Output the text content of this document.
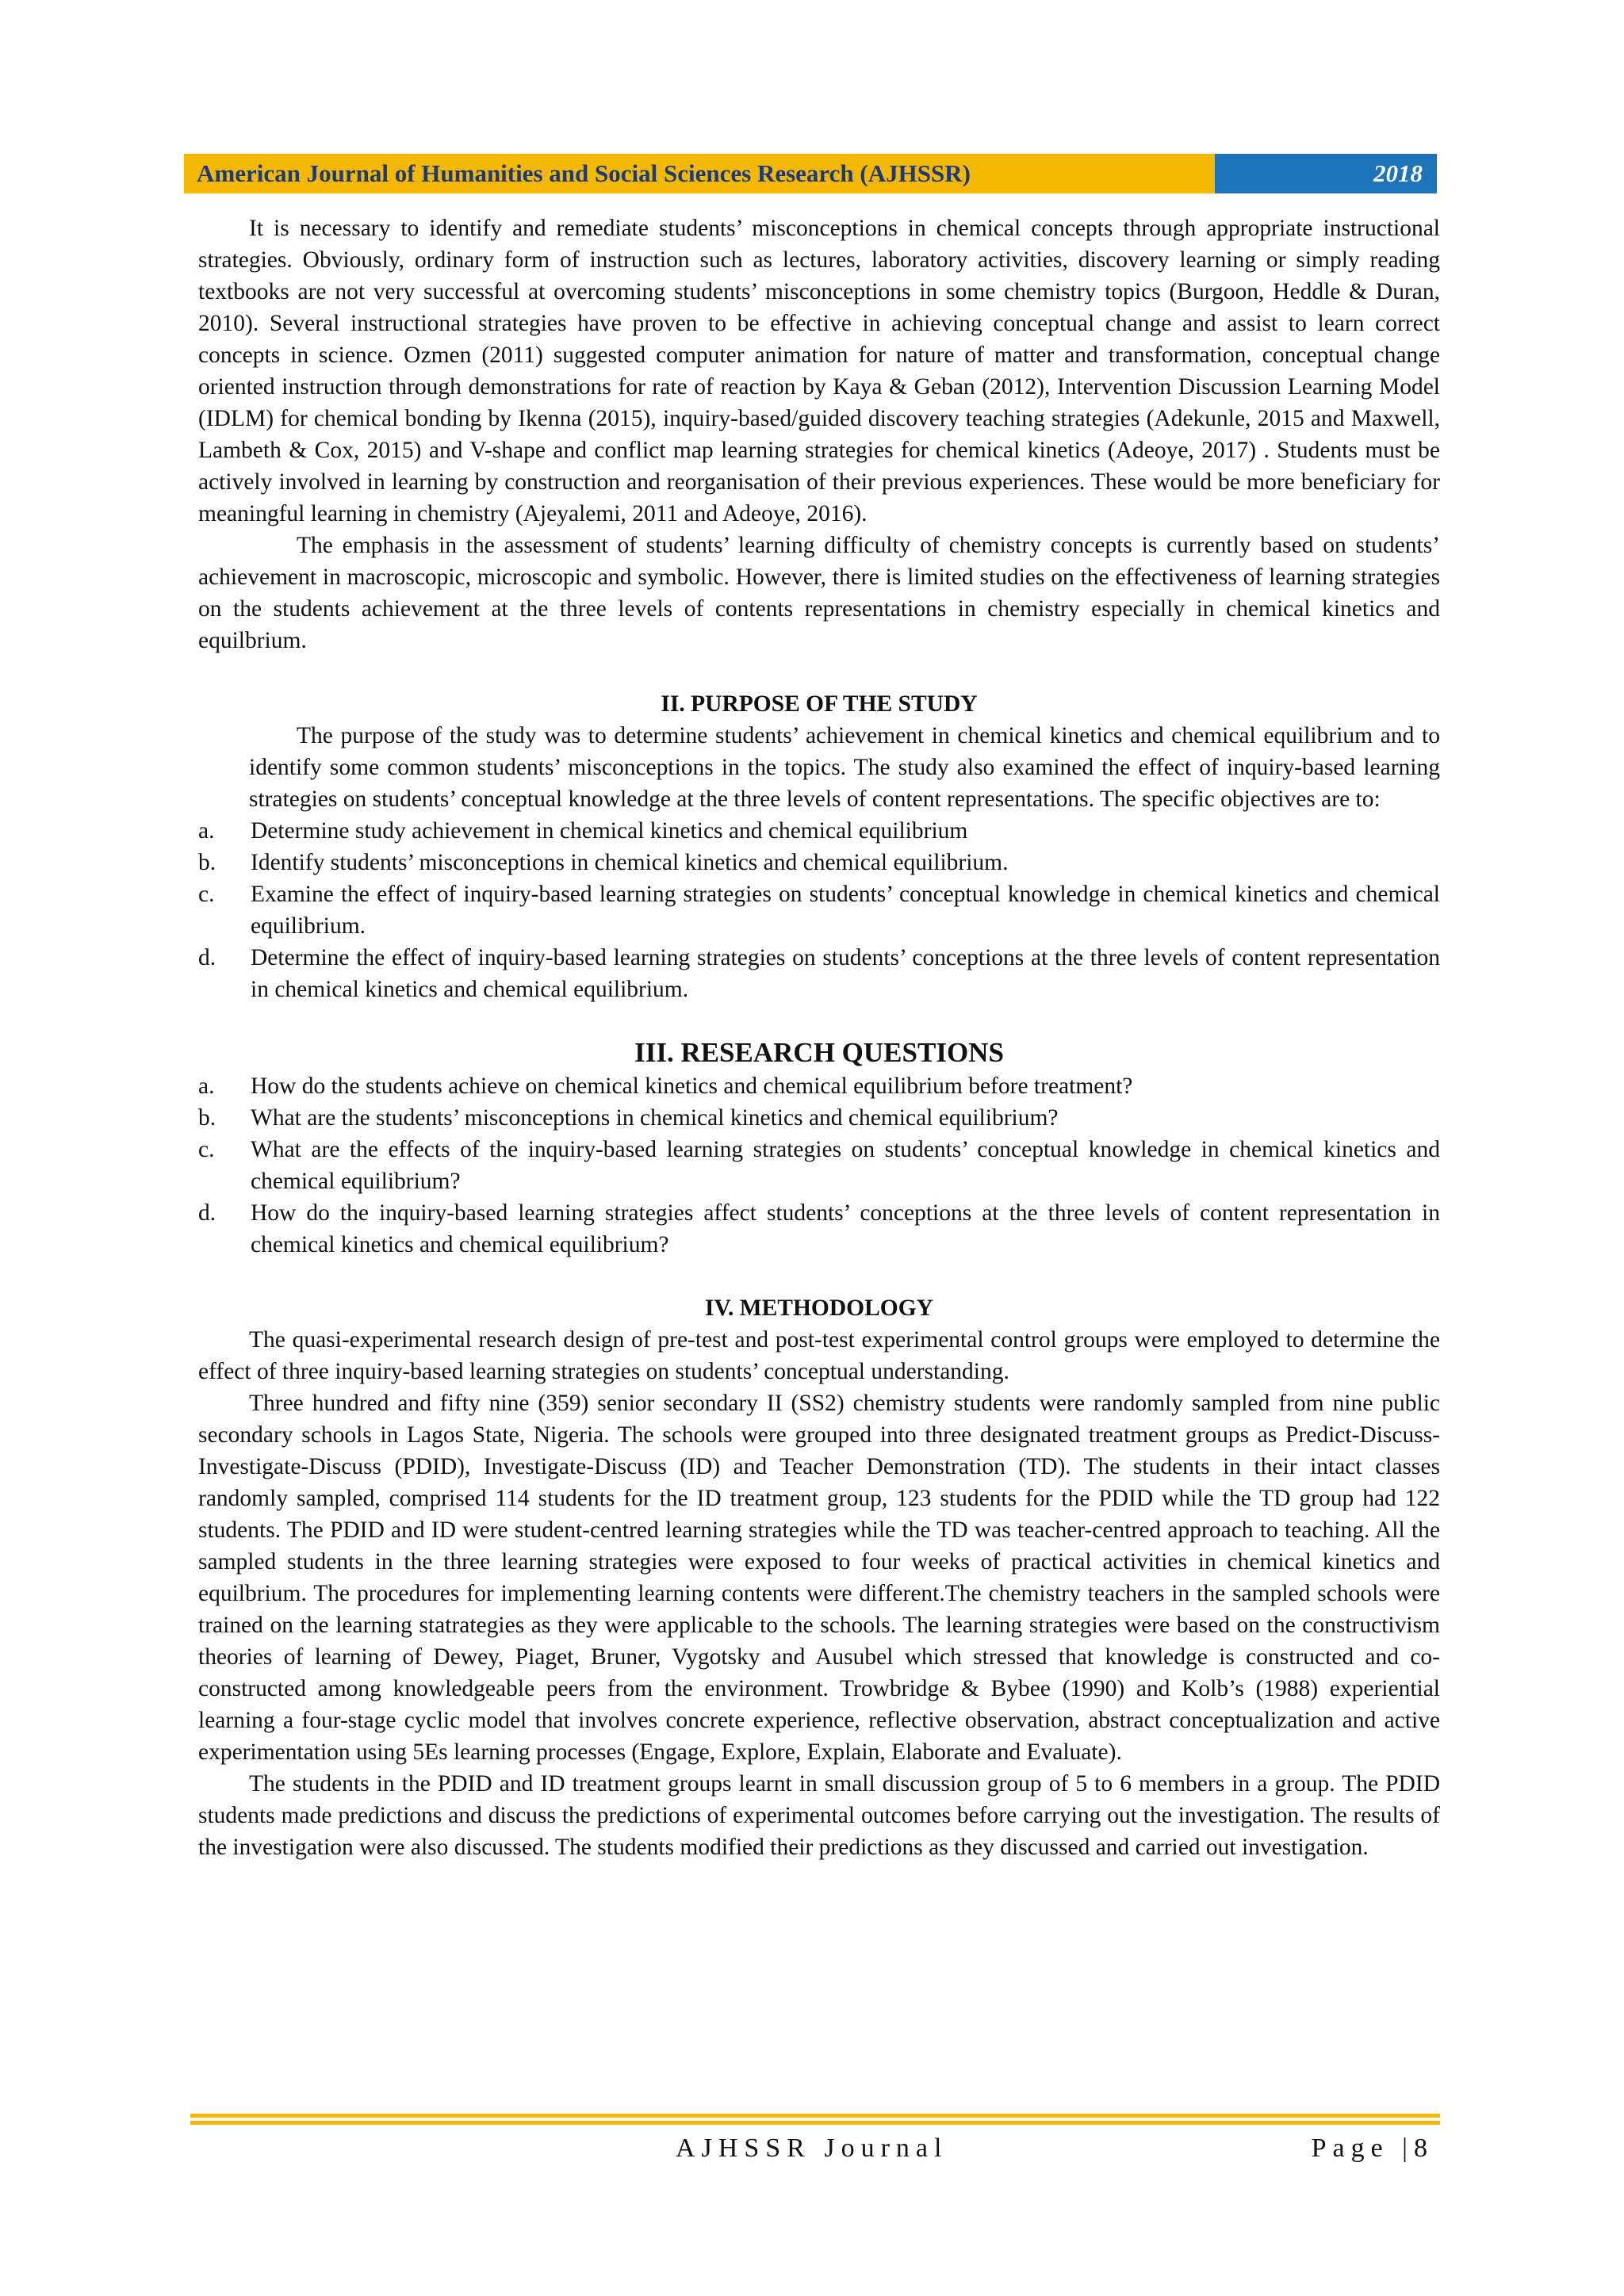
American Journal of Humanities and Social Sciences Research (AJHSSR)	2018

It is necessary to identify and remediate students’ misconceptions in chemical concepts through appropriate instructional strategies. Obviously, ordinary form of instruction such as lectures, laboratory activities, discovery learning or simply reading textbooks are not very successful at overcoming students’ misconceptions in some chemistry topics (Burgoon, Heddle & Duran, 2010). Several instructional strategies have proven to be effective in achieving conceptual change and assist to learn correct concepts in science. Ozmen (2011) suggested computer animation for nature of matter and transformation, conceptual change oriented instruction through demonstrations for rate of reaction by Kaya & Geban (2012), Intervention Discussion Learning Model (IDLM) for chemical bonding by Ikenna (2015), inquiry-based/guided discovery teaching strategies (Adekunle, 2015 and Maxwell, Lambeth & Cox, 2015) and V-shape and conflict map learning strategies for chemical kinetics (Adeoye, 2017) . Students must be actively involved in learning by construction and reorganisation of their previous experiences. These would be more beneficiary for meaningful learning in chemistry (Ajeyalemi, 2011 and Adeoye, 2016).

The emphasis in the assessment of students’ learning difficulty of chemistry concepts is currently based on students’ achievement in macroscopic, microscopic and symbolic. However, there is limited studies on the effectiveness of learning strategies on the students achievement at the three levels of contents representations in chemistry especially in chemical kinetics and equilbrium.

II. PURPOSE OF THE STUDY

The purpose of the study was to determine students’ achievement in chemical kinetics and chemical equilibrium and to identify some common students’ misconceptions in the topics. The study also examined the effect of inquiry-based learning strategies on students’ conceptual knowledge at the three levels of content representations. The specific objectives are to:

a.	Determine study achievement in chemical kinetics and chemical equilibrium
b.	Identify students’ misconceptions in chemical kinetics and chemical equilibrium.
c.	Examine the effect of inquiry-based learning strategies on students’ conceptual knowledge in chemical kinetics and chemical equilibrium.
d.	Determine the effect of inquiry-based learning strategies on students’ conceptions at the three levels of content representation in chemical kinetics and chemical equilibrium.
III. RESEARCH QUESTIONS
a.	How do the students achieve on chemical kinetics and chemical equilibrium before treatment?
b.	What are the students’ misconceptions in chemical kinetics and chemical equilibrium?
c.	What are the effects of the inquiry-based learning strategies on students’ conceptual knowledge in chemical kinetics and chemical equilibrium?
d.	How do the inquiry-based learning strategies affect students’ conceptions at the three levels of content representation in chemical kinetics and chemical equilibrium?
IV. METHODOLOGY

The quasi-experimental research design of pre-test and post-test experimental control groups were employed to determine the effect of three inquiry-based learning strategies on students’ conceptual understanding.

Three hundred and fifty nine (359) senior secondary II (SS2) chemistry students were randomly sampled from nine public secondary schools in Lagos State, Nigeria. The schools were grouped into three designated treatment groups as Predict-Discuss-Investigate-Discuss (PDID), Investigate-Discuss (ID) and Teacher Demonstration (TD). The students in their intact classes randomly sampled, comprised 114 students for the ID treatment group, 123 students for the PDID while the TD group had 122 students. The PDID and ID were student-centred learning strategies while the TD was teacher-centred approach to teaching. All the sampled students in the three learning strategies were exposed to four weeks of practical activities in chemical kinetics and equilbrium. The procedures for implementing learning contents were different.The chemistry teachers in the sampled schools were trained on the learning statrategies as they were applicable to the schools. The learning strategies were based on the constructivism theories of learning of Dewey, Piaget, Bruner, Vygotsky and Ausubel which stressed that knowledge is constructed and co-constructed among knowledgeable peers from the environment. Trowbridge & Bybee (1990) and Kolb’s (1988) experiential learning a four-stage cyclic model that involves concrete experience, reflective observation, abstract conceptualization and active experimentation using 5Es learning processes (Engage, Explore, Explain, Elaborate and Evaluate).

The students in the PDID and ID treatment groups learnt in small discussion group of 5 to 6 members in a group. The PDID students made predictions and discuss the predictions of experimental outcomes before carrying out the investigation. The results of the investigation were also discussed. The students modified their predictions as they discussed and carried out investigation.

AJHSSR Journal	Page |8
